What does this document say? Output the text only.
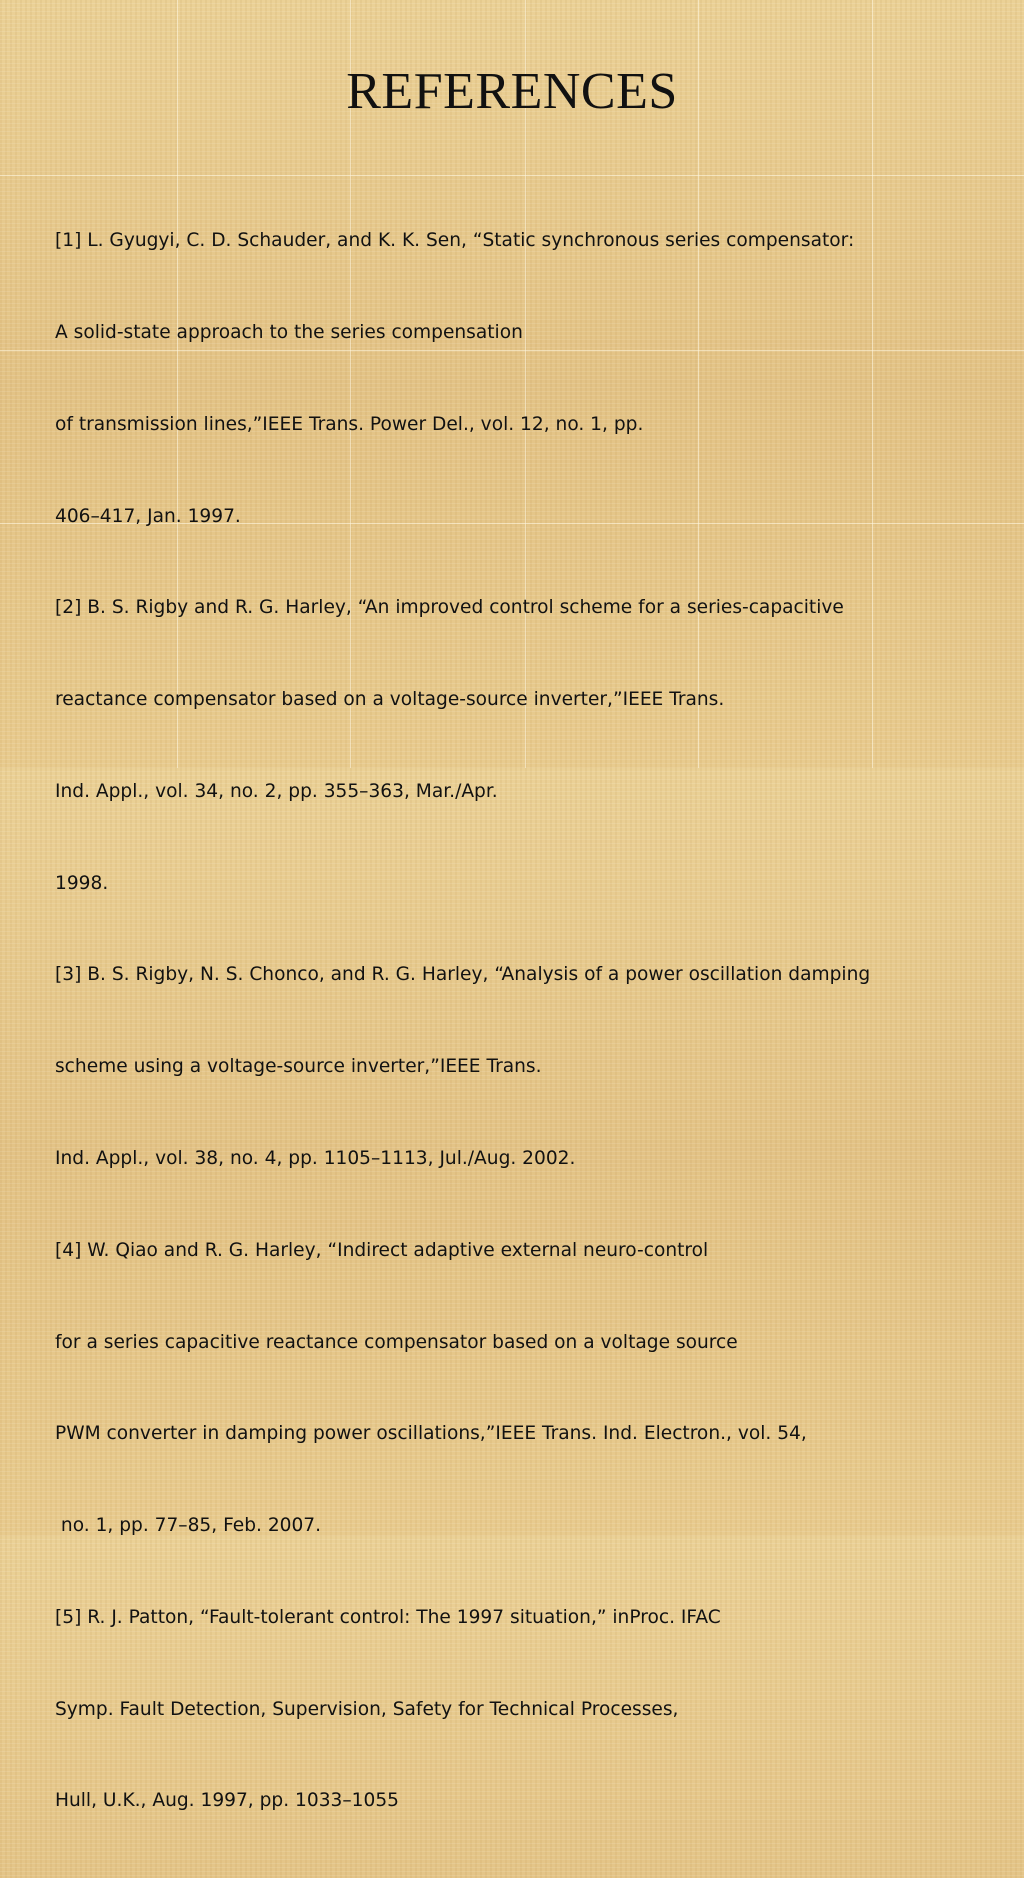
REFERENCES

[1] L. Gyugyi, C. D. Schauder, and K. K. Sen, “Static synchronous series compensator:

A solid-state approach to the series compensation

of transmission lines,”IEEE Trans. Power Del., vol. 12, no. 1, pp.

406–417, Jan. 1997.

[2] B. S. Rigby and R. G. Harley, “An improved control scheme for a series-capacitive

reactance compensator based on a voltage-source inverter,”IEEE Trans.

Ind. Appl., vol. 34, no. 2, pp. 355–363, Mar./Apr.

1998.

[3] B. S. Rigby, N. S. Chonco, and R. G. Harley, “Analysis of a power oscillation damping

scheme using a voltage-source inverter,”IEEE Trans.

Ind. Appl., vol. 38, no. 4, pp. 1105–1113, Jul./Aug. 2002.

[4] W. Qiao and R. G. Harley, “Indirect adaptive external neuro-control

for a series capacitive reactance compensator based on a voltage source

PWM converter in damping power oscillations,”IEEE Trans. Ind. Electron., vol. 54,

no. 1, pp. 77–85, Feb. 2007.

[5] R. J. Patton, “Fault-tolerant control: The 1997 situation,” inProc. IFAC

Symp. Fault Detection, Supervision, Safety for Technical Processes,

Hull, U.K., Aug. 1997, pp. 1033–1055
